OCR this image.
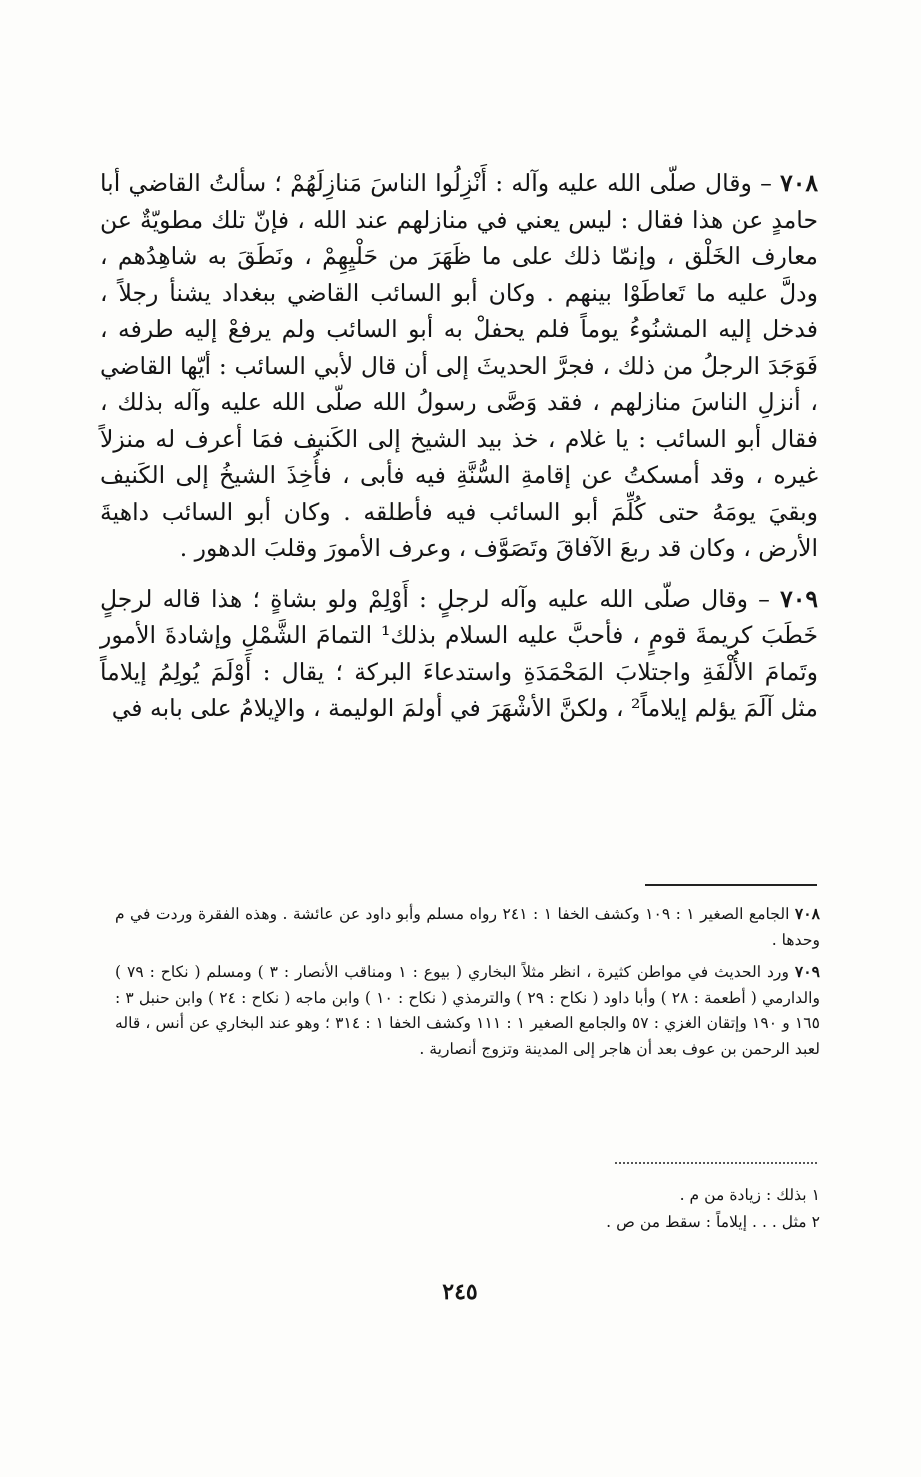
٧٠٨ – وقال صلّى الله عليه وآله : أَنْزِلُوا الناسَ مَنازِلَهُمْ ؛ سألتُ القاضي أبا حامدٍ عن هذا فقال : ليس يعني في منازلهم عند الله ، فإنّ تلك مطويّةٌ عن معارف الخَلْق ، وإنمّا ذلك على ما ظَهَرَ من حَلْيِهِمْ ، ونَطَقَ به شاهِدُهم ، ودلَّ عليه ما تَعاطَوْا بينهم . وكان أبو السائب القاضي ببغداد يشنأ رجلاً ، فدخل إليه المشنُوءُ يوماً فلم يحفلْ به أبو السائب ولم يرفعْ إليه طرفه ، فَوَجَدَ الرجلُ من ذلك ، فجرَّ الحديثَ إلى أن قال لأبي السائب : أيّها القاضي ، أنزلِ الناسَ منازلهم ، فقد وَصَّى رسولُ الله صلّى الله عليه وآله بذلك ، فقال أبو السائب : يا غلام ، خذ بيد الشيخ إلى الكَنيف فمَا أعرف له منزلاً غيره ، وقد أمسكتُ عن إقامةِ السُّنَّةِ فيه فأبى ، فأُخِذَ الشيخُ إلى الكَنيف وبقيَ يومَهُ حتى كُلِّمَ أبو السائب فيه فأطلقه . وكان أبو السائب داهيةَ الأرض ، وكان قد ربعَ الآفاقَ وتَصَوَّف ، وعرف الأمورَ وقلبَ الدهور .

٧٠٩ – وقال صلّى الله عليه وآله لرجلٍ : أَوْلِمْ ولو بشاةٍ ؛ هذا قاله لرجلٍ خَطَبَ كريمةَ قومٍ ، فأحبَّ عليه السلام بذلك¹ التمامَ الشَّمْلِ وإشادةَ الأمور وتَمامَ الأُلْفَةِ واجتلابَ المَحْمَدَةِ واستدعاءَ البركة ؛ يقال : أَوْلَمَ يُولِمُ إيلاماً مثل آلَمَ يؤلم إيلاماً² ، ولكنَّ الأشْهَرَ في أولمَ الوليمة ، والإيلامُ على بابه في

٧٠٨ الجامع الصغير ١ : ١٠٩ وكشف الخفا ١ : ٢٤١ رواه مسلم وأبو داود عن عائشة . وهذه الفقرة وردت في م وحدها .

٧٠٩ ورد الحديث في مواطن كثيرة ، انظر مثلاً البخاري ( بيوع : ١ ومناقب الأنصار : ٣ ) ومسلم ( نكاح : ٧٩ ) والدارمي ( أطعمة : ٢٨ ) وأبا داود ( نكاح : ٢٩ ) والترمذي ( نكاح : ١٠ ) وابن ماجه ( نكاح : ٢٤ ) وابن حنبل ٣ : ١٦٥ و ١٩٠ وإتقان الغزي : ٥٧ والجامع الصغير ١ : ١١١ وكشف الخفا ١ : ٣١٤ ؛ وهو عند البخاري عن أنس ، قاله لعبد الرحمن بن عوف بعد أن هاجر إلى المدينة وتزوج أنصارية .

١ بذلك : زيادة من م .

٢ مثل . . . إيلاماً : سقط من ص .

٢٤٥
